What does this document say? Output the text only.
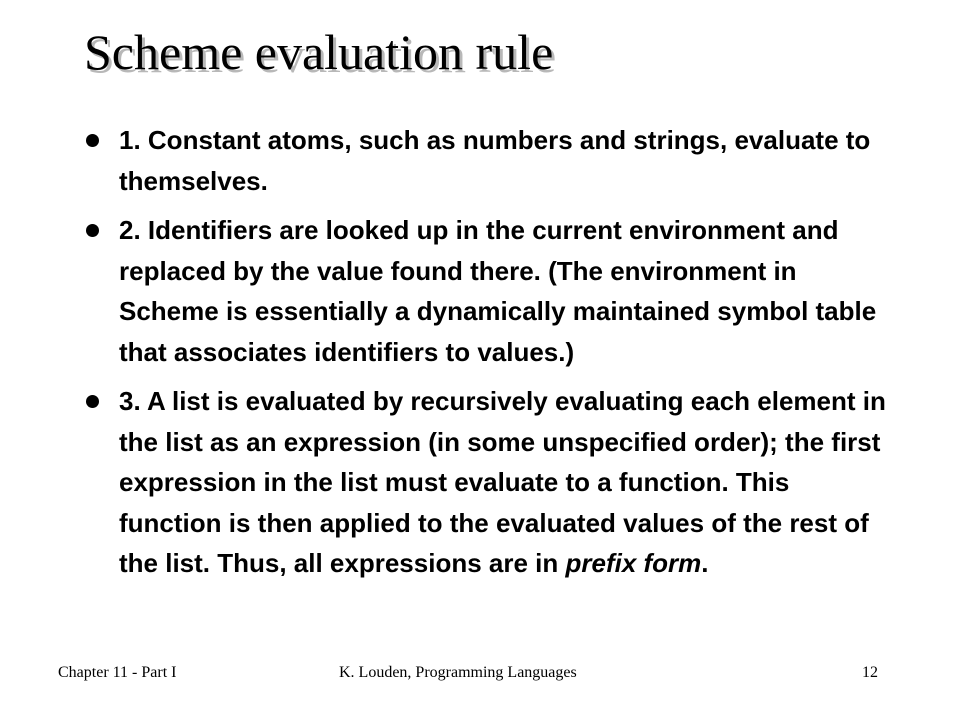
Scheme evaluation rule
1. Constant atoms, such as numbers and strings, evaluate to themselves.
2. Identifiers are looked up in the current environment and replaced by the value found there. (The environment in Scheme is essentially a dynamically maintained symbol table that associates identifiers to values.)
3. A list is evaluated by recursively evaluating each element in the list as an expression (in some unspecified order); the first expression in the list must evaluate to a function. This function is then applied to the evaluated values of the rest of the list. Thus, all expressions are in prefix form.
Chapter 11 - Part I	K. Louden, Programming Languages	12
